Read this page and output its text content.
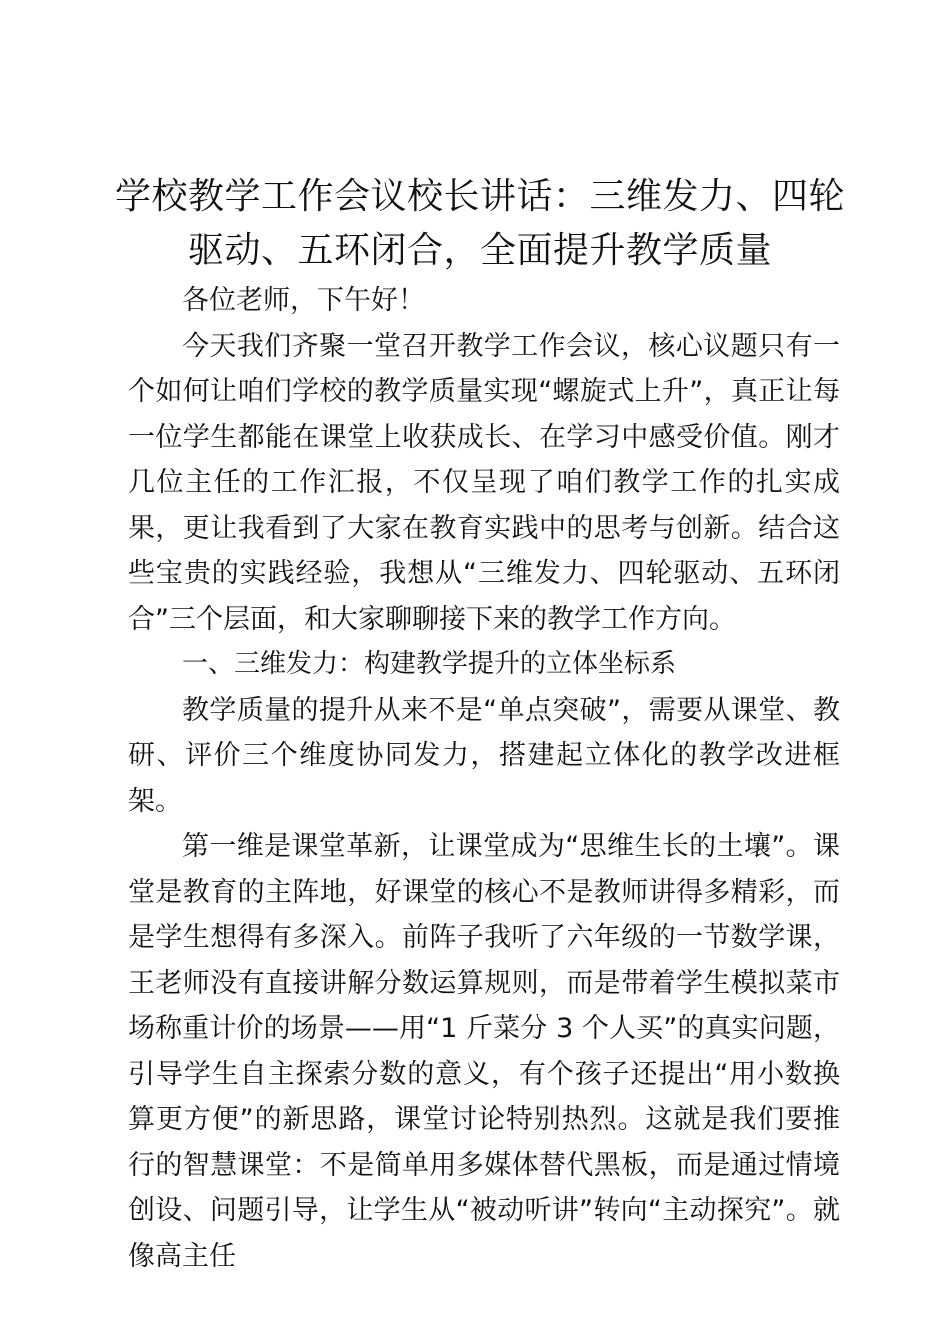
学校教学工作会议校长讲话：三维发力、四轮驱动、五环闭合，全面提升教学质量

各位老师，下午好！

今天我们齐聚一堂召开教学工作会议，核心议题只有一个如何让咱们学校的教学质量实现“螺旋式上升”，真正让每一位学生都能在课堂上收获成长、在学习中感受价值。刚才几位主任的工作汇报，不仅呈现了咱们教学工作的扎实成果，更让我看到了大家在教育实践中的思考与创新。结合这些宝贵的实践经验，我想从“三维发力、四轮驱动、五环闭合”三个层面，和大家聊聊接下来的教学工作方向。

一、三维发力：构建教学提升的立体坐标系

教学质量的提升从来不是“单点突破”，需要从课堂、教研、评价三个维度协同发力，搭建起立体化的教学改进框架。

第一维是课堂革新，让课堂成为“思维生长的土壤”。课堂是教育的主阵地，好课堂的核心不是教师讲得多精彩，而是学生想得有多深入。前阵子我听了六年级的一节数学课，王老师没有直接讲解分数运算规则，而是带着学生模拟菜市场称重计价的场景——用“1 斤菜分 3 个人买”的真实问题，引导学生自主探索分数的意义，有个孩子还提出“用小数换算更方便”的新思路，课堂讨论特别热烈。这就是我们要推行的智慧课堂：不是简单用多媒体替代黑板，而是通过情境创设、问题引导，让学生从“被动听讲”转向“主动探究”。就像高主任
